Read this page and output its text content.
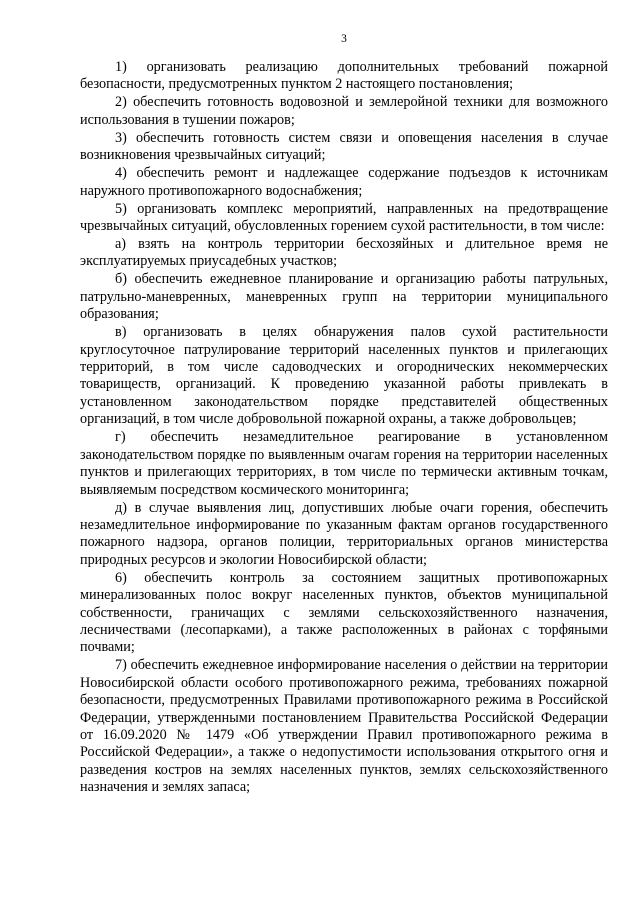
3

1) организовать реализацию дополнительных требований пожарной безопасности, предусмотренных пунктом 2 настоящего постановления;

2) обеспечить готовность водовозной и землеройной техники для возможного использования в тушении пожаров;

3) обеспечить готовность систем связи и оповещения населения в случае возникновения чрезвычайных ситуаций;

4) обеспечить ремонт и надлежащее содержание подъездов к источникам наружного противопожарного водоснабжения;

5) организовать комплекс мероприятий, направленных на предотвращение чрезвычайных ситуаций, обусловленных горением сухой растительности, в том числе:

а) взять на контроль территории бесхозяйных и длительное время не эксплуатируемых приусадебных участков;

б) обеспечить ежедневное планирование и организацию работы патрульных, патрульно-маневренных, маневренных групп на территории муниципального образования;

в) организовать в целях обнаружения палов сухой растительности круглосуточное патрулирование территорий населенных пунктов и прилегающих территорий, в том числе садоводческих и огороднических некоммерческих товариществ, организаций. К проведению указанной работы привлекать в установленном законодательством порядке представителей общественных организаций, в том числе добровольной пожарной охраны, а также добровольцев;

г) обеспечить незамедлительное реагирование в установленном законодательством порядке по выявленным очагам горения на территории населенных пунктов и прилегающих территориях, в том числе по термически активным точкам, выявляемым посредством космического мониторинга;

д) в случае выявления лиц, допустивших любые очаги горения, обеспечить незамедлительное информирование по указанным фактам органов государственного пожарного надзора, органов полиции, территориальных органов министерства природных ресурсов и экологии Новосибирской области;

6) обеспечить контроль за состоянием защитных противопожарных минерализованных полос вокруг населенных пунктов, объектов муниципальной собственности, граничащих с землями сельскохозяйственного назначения, лесничествами (лесопарками), а также расположенных в районах с торфяными почвами;

7) обеспечить ежедневное информирование населения о действии на территории Новосибирской области особого противопожарного режима, требованиях пожарной безопасности, предусмотренных Правилами противопожарного режима в Российской Федерации, утвержденными постановлением Правительства Российской Федерации от 16.09.2020 № 1479 «Об утверждении Правил противопожарного режима в Российской Федерации», а также о недопустимости использования открытого огня и разведения костров на землях населенных пунктов, землях сельскохозяйственного назначения и землях запаса;
